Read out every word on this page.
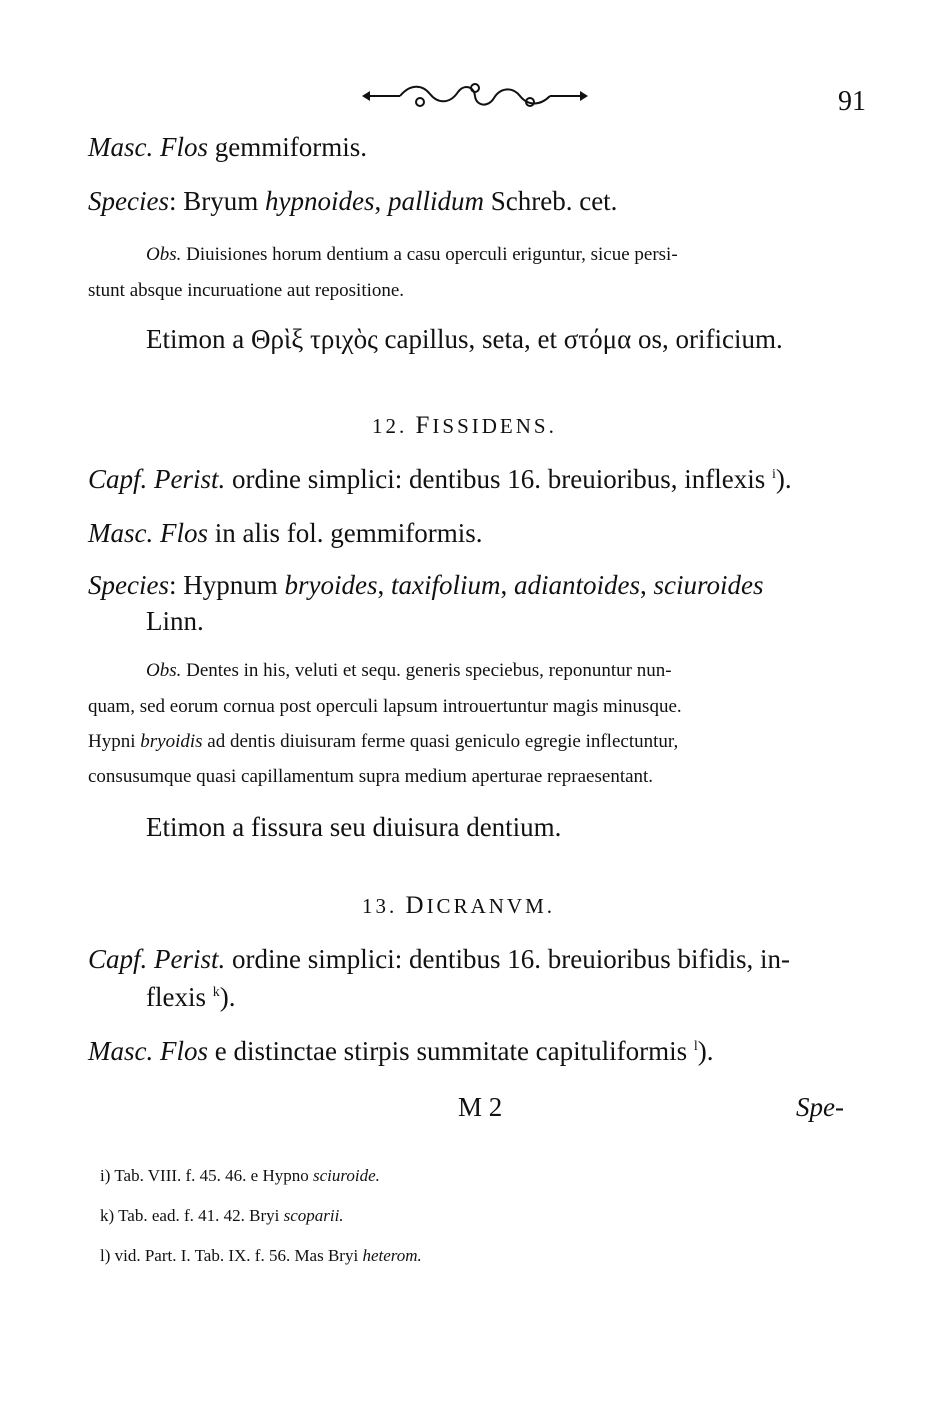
91
Masc. Flos gemmiformis.
Species: Bryum hypnoides, pallidum Schreb. cet.
Obs. Diuisiones horum dentium a casu operculi eriguntur, sicue persi-
stunt absque incuruatione aut repositione.
Etimon a Θρὶξ τριχὸς capillus, seta, et στόμα os, orificium.
12. FISSIDENS.
Capf. Perist. ordine simplici: dentibus 16. breuioribus, inflexis $^i$).
Masc. Flos in alis fol. gemmiformis.
Species: Hypnum bryoides, taxifolium, adiantoides, sciuroides
Linn.
Obs. Dentes in his, veluti et sequ. generis speciebus, reponuntur nun-
quam, sed eorum cornua post operculi lapsum introuertuntur magis minusque.
Hypni bryoidis ad dentis diuisuram ferme quasi geniculo egregie inflectuntur,
consusumque quasi capillamentum supra medium aperturae repraesentant.
Etimon a fissura seu diuisura dentium.
13. DICRANVM.
Capf. Perist. ordine simplici: dentibus 16. breuioribus bifidis, in-
flexis $^k$).
Masc. Flos e distinctae stirpis summitate capituliformis $^l$).
M 2	Spe-
i) Tab. VIII. f. 45. 46. e Hypno sciuroide.
k) Tab. ead. f. 41. 42. Bryi scoparii.
l) vid. Part. I. Tab. IX. f. 56. Mas Bryi heterom.
